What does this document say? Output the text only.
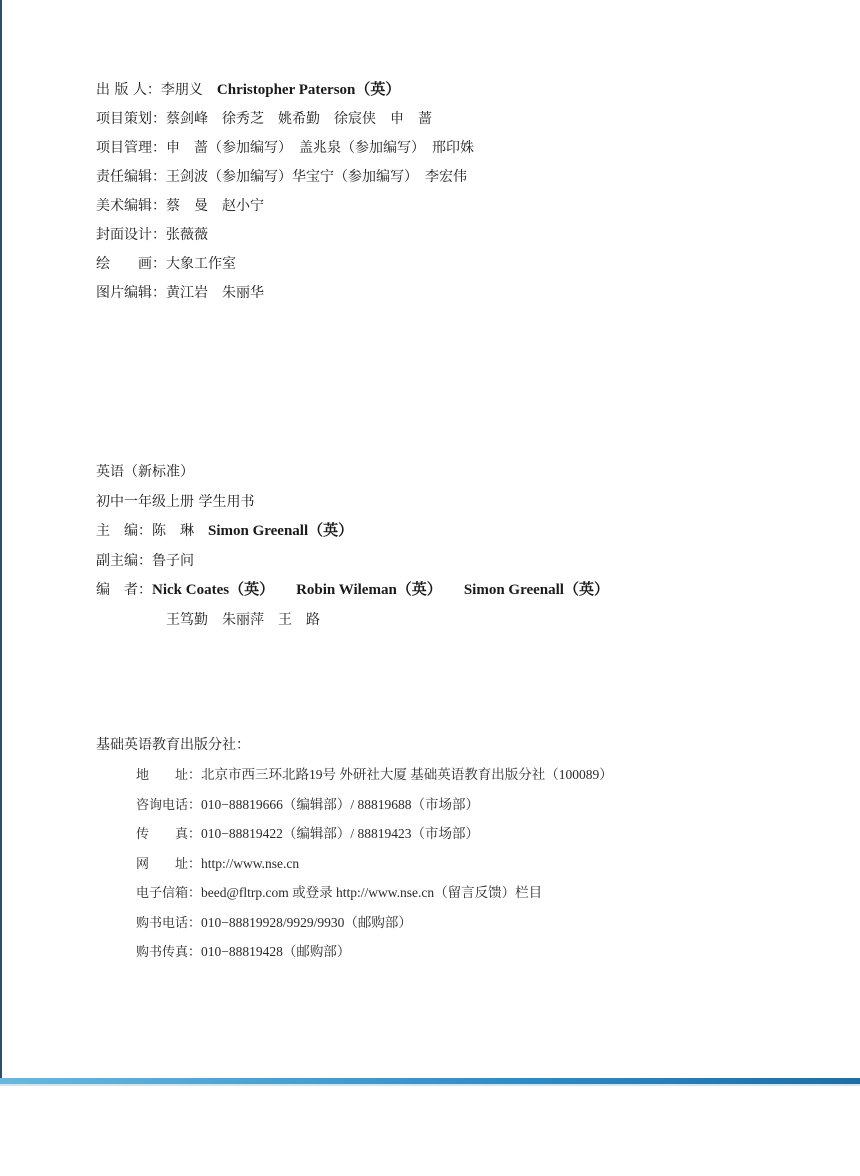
出 版 人：李朋义 Christopher Paterson（英）
项目策划：蔡剑峰　徐秀芝　姚希勤　徐宸侠　申　蔷
项目管理：申　蔷（参加编写）　盖兆泉（参加编写）　邢印姝
责任编辑：王剑波（参加编写）华宝宁（参加编写）　李宏伟
美术编辑：蔡　曼　赵小宁
封面设计：张薇薇
绘　　画：大象工作室
图片编辑：黄江岩　朱丽华
英语（新标准）
初中一年级上册 学生用书
主　编：陈　琳 Simon Greenall（英）
副主编：鲁子问
编　者：Nick Coates（英） Robin Wileman（英） Simon Greenall（英）
王笃勤　朱丽萍　王　路
基础英语教育出版分社：
地　　址：北京市西三环北路19号 外研社大厦 基础英语教育出版分社（100089）
咨询电话：010−88819666（编辑部）/ 88819688（市场部）
传　　真：010−88819422（编辑部）/ 88819423（市场部）
网　　址：http://www.nse.cn
电子信箱：beed@fltrp.com 或登录 http://www.nse.cn（留言反馈）栏目
购书电话：010−88819928/9929/9930（邮购部）
购书传真：010−88819428（邮购部）
